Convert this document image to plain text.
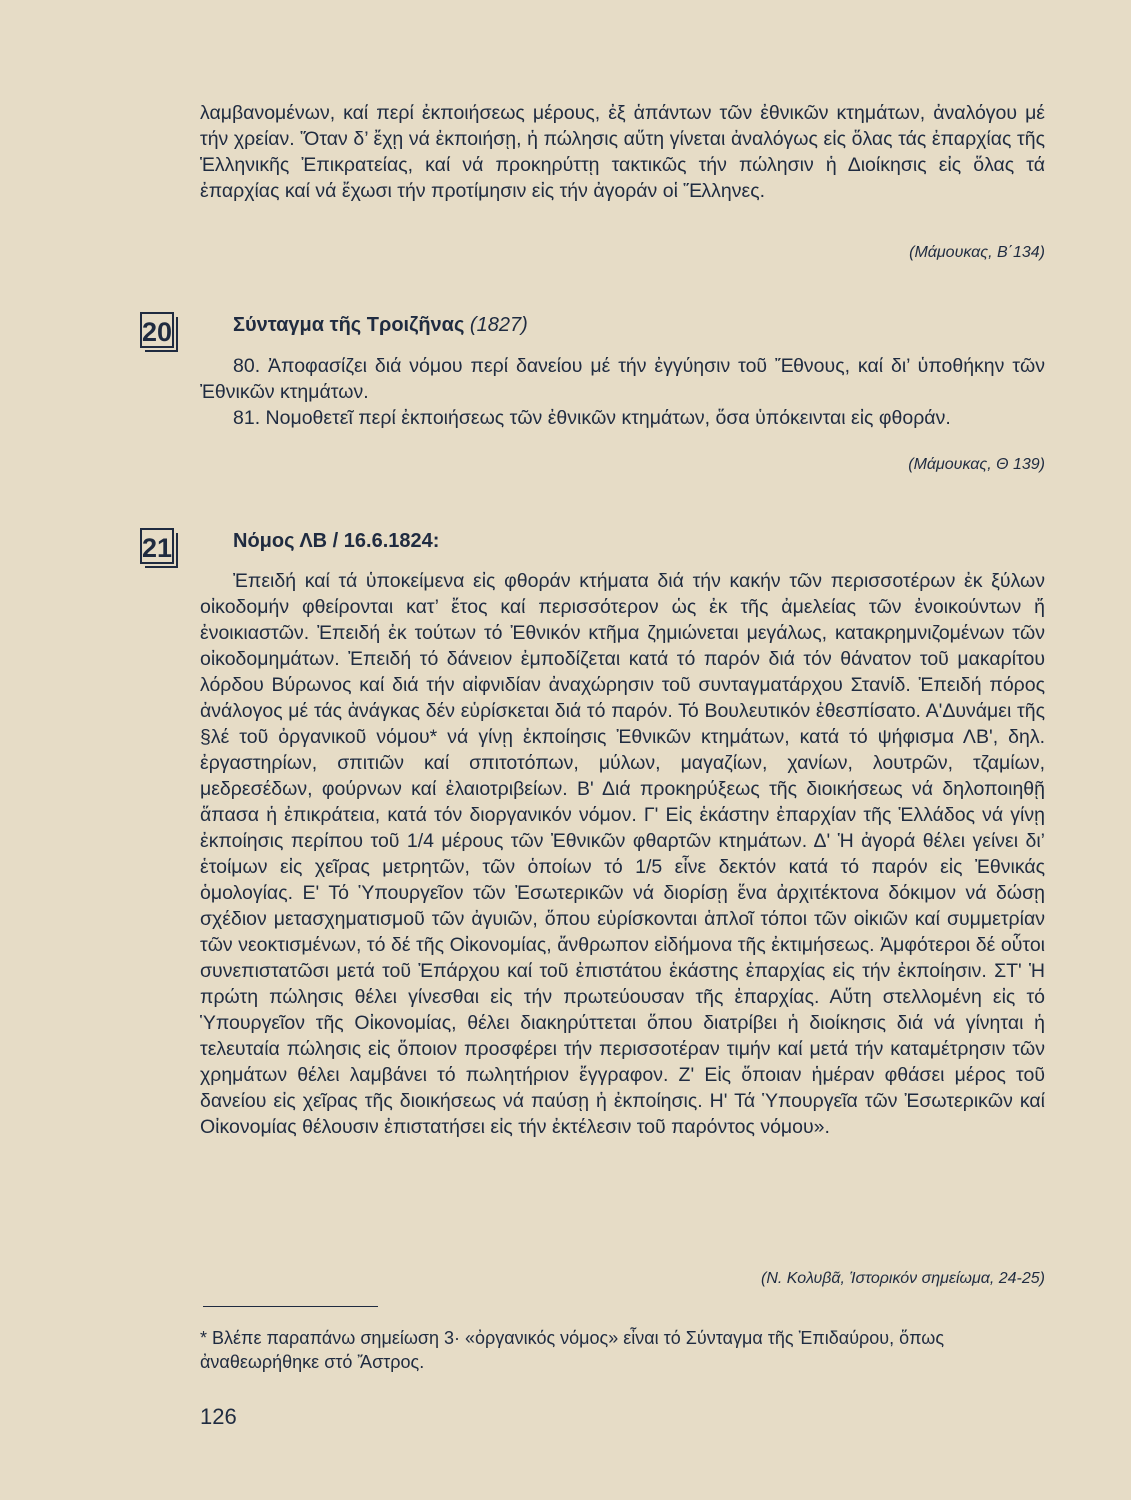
λαμβανομένων, καί περί ἐκποιήσεως μέρους, ἐξ ἁπάντων τῶν ἐθνικῶν κτημάτων, ἀναλόγου μέ τήν χρείαν. Ὅταν δ’ ἔχῃ νά ἐκποιήσῃ, ἡ πώλησις αὕτη γίνεται ἀναλόγως εἰς ὅλας τάς ἐπαρχίας τῆς Ἑλληνικῆς Ἐπικρατείας, καί νά προκηρύττῃ τακτικῶς τήν πώλησιν ἡ Διοίκησις εἰς ὅλας τά ἐπαρχίας καί νά ἔχωσι τήν προτίμησιν εἰς τήν ἀγοράν οἱ Ἕλληνες.

(Μάμουκας, Β΄134)
20	Σύνταγμα τῆς Τροιζῆνας (1827)

80. Ἀποφασίζει διά νόμου περί δανείου μέ τήν ἐγγύησιν τοῦ Ἔθνους, καί δι’ ὑποθήκην τῶν Ἐθνικῶν κτημάτων.

81. Νομοθετεῖ περί ἐκποιήσεως τῶν ἐθνικῶν κτημάτων, ὅσα ὑπόκεινται εἰς φθοράν.

(Μάμουκας, Θ 139)
21	Νόμος ΛΒ / 16.6.1824:

Ἐπειδή καί τά ὑποκείμενα εἰς φθοράν κτήματα διά τήν κακήν τῶν περισσοτέρων ἐκ ξύλων οἰκοδομήν φθείρονται κατ’ ἔτος καί περισσότερον ὡς ἐκ τῆς ἀμελείας τῶν ἐνοικούντων ἤ ἐνοικιαστῶν. Ἐπειδή ἐκ τούτων τό Ἐθνικόν κτῆμα ζημιώνεται μεγάλως, κατακρημνιζομένων τῶν οἰκοδομημάτων. Ἐπειδή τό δάνειον ἐμποδίζεται κατά τό παρόν διά τόν θάνατον τοῦ μακαρίτου λόρδου Βύρωνος καί διά τήν αἰφνιδίαν ἀναχώρησιν τοῦ συνταγματάρχου Στανίδ. Ἐπειδή πόρος ἀνάλογος μέ τάς ἀνάγκας δέν εὑρίσκεται διά τό παρόν. Τό Βουλευτικόν ἐθεσπίσατο. Α'Δυνάμει τῆς §λέ τοῦ ὀργανικοῦ νόμου* νά γίνῃ ἐκποίησις Ἐθνικῶν κτημάτων, κατά τό ψήφισμα ΛΒ', δηλ. ἐργαστηρίων, σπιτιῶν καί σπιτοτόπων, μύλων, μαγαζίων, χανίων, λουτρῶν, τζαμίων, μεδρεσέδων, φούρνων καί ἐλαιοτριβείων. Β' Διά προκηρύξεως τῆς διοικήσεως νά δηλοποιηθῇ ἅπασα ἡ ἐπικράτεια, κατά τόν διοργανικόν νόμον. Γ' Εἰς ἑκάστην ἐπαρχίαν τῆς Ἑλλάδος νά γίνῃ ἐκποίησις περίπου τοῦ 1/4 μέρους τῶν Ἐθνικῶν φθαρτῶν κτημάτων. Δ' Ἡ ἀγορά θέλει γείνει δι’ ἑτοίμων εἰς χεῖρας μετρητῶν, τῶν ὁποίων τό 1/5 εἶνε δεκτόν κατά τό παρόν εἰς Ἐθνικάς ὁμολογίας. Ε' Τό Ὑπουργεῖον τῶν Ἐσωτερικῶν νά διορίσῃ ἕνα ἀρχιτέκτονα δόκιμον νά δώσῃ σχέδιον μετασχηματισμοῦ τῶν ἀγυιῶν, ὅπου εὑρίσκονται ἁπλοῖ τόποι τῶν οἰκιῶν καί συμμετρίαν τῶν νεοκτισμένων, τό δέ τῆς Οἰκονομίας, ἄνθρωπον εἰδήμονα τῆς ἐκτιμήσεως. Ἀμφότεροι δέ οὗτοι συνεπιστατῶσι μετά τοῦ Ἐπάρχου καί τοῦ ἐπιστάτου ἑκάστης ἐπαρχίας εἰς τήν ἐκποίησιν. ΣΤ' Ἡ πρώτη πώλησις θέλει γίνεσθαι εἰς τήν πρωτεύουσαν τῆς ἐπαρχίας. Αὕτη στελλομένη εἰς τό Ὑπουργεῖον τῆς Οἰκονομίας, θέλει διακηρύττεται ὅπου διατρίβει ἡ διοίκησις διά νά γίνηται ἡ τελευταία πώλησις εἰς ὅποιον προσφέρει τήν περισσοτέραν τιμήν καί μετά τήν καταμέτρησιν τῶν χρημάτων θέλει λαμβάνει τό πωλητήριον ἔγγραφον. Ζ' Εἰς ὅποιαν ἡμέραν φθάσει μέρος τοῦ δανείου εἰς χεῖρας τῆς διοικήσεως νά παύσῃ ἡ ἐκποίησις. Η' Τά Ὑπουργεῖα τῶν Ἐσωτερικῶν καί Οἰκονομίας θέλουσιν ἐπιστατήσει εἰς τήν ἐκτέλεσιν τοῦ παρόντος νόμου».

(Ν. Κολυβᾶ, Ἱστορικόν σημείωμα, 24-25)
* Βλέπε παραπάνω σημείωση 3· «ὀργανικός νόμος» εἶναι τό Σύνταγμα τῆς Ἐπιδαύρου, ὅπως ἀναθεωρήθηκε στό Ἄστρος.
126
